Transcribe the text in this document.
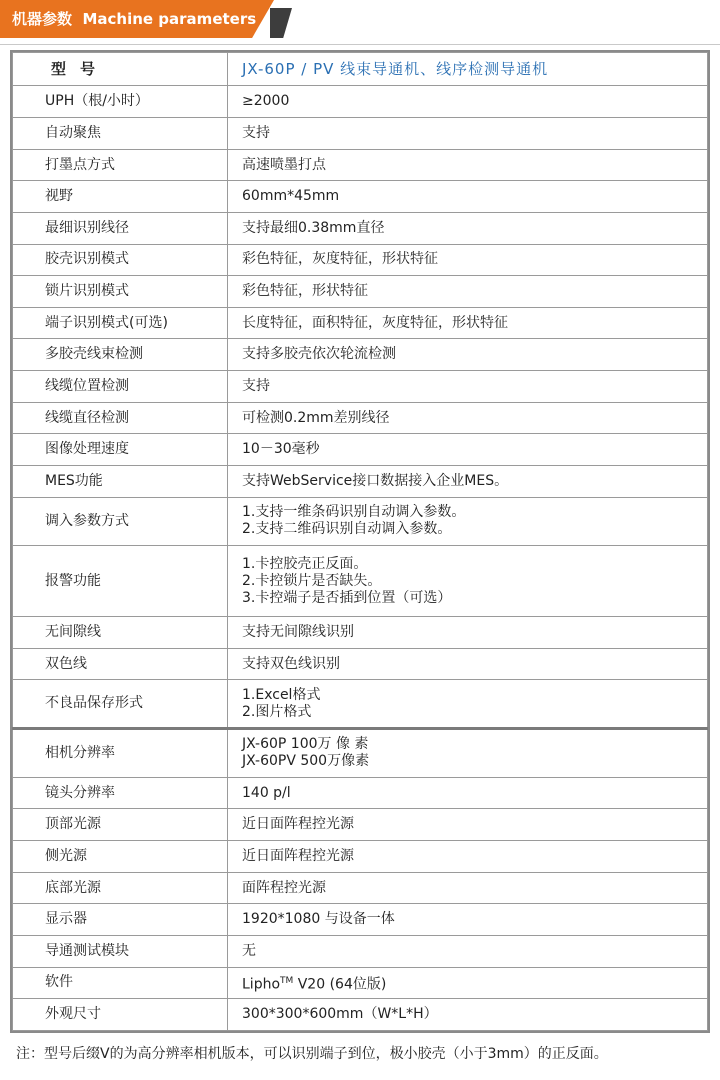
机器参数 Machine parameters
型号	JX-60P / PV 线束导通机、线序检测导通机
UPH（根/小时）	≥2000
自动聚焦	支持
打墨点方式	高速喷墨打点
视野	60mm*45mm
最细识别线径	支持最细0.38mm直径
胶壳识别模式	彩色特征，灰度特征，形状特征
锁片识别模式	彩色特征，形状特征
端子识别模式(可选)	长度特征，面积特征，灰度特征，形状特征
多胶壳线束检测	支持多胶壳依次轮流检测
线缆位置检测	支持
线缆直径检测	可检测0.2mm差别线径
图像处理速度	10－30毫秒
MES功能	支持WebService接口数据接入企业MES。
调入参数方式	1.支持一维条码识别自动调入参数。
2.支持二维码识别自动调入参数。

报警功能	1.卡控胶壳正反面。
2.卡控锁片是否缺失。
3.卡控端子是否插到位置（可选）

无间隙线	支持无间隙线识别
双色线	支持双色线识别
不良品保存形式	1.Excel格式
2.图片格式

相机分辨率	JX-60P 100万 像 素
JX-60PV 500万像素

镜头分辨率	140 p/l
顶部光源	近日面阵程控光源
侧光源	近日面阵程控光源
底部光源	面阵程控光源
显示器	1920*1080 与设备一体
导通测试模块	无
软件	Lipho™ V20 (64位版)
外观尺寸	300*300*600mm（W*L*H）
注：型号后缀V的为高分辨率相机版本，可以识别端子到位，极小胶壳（小于3mm）的正反面。
